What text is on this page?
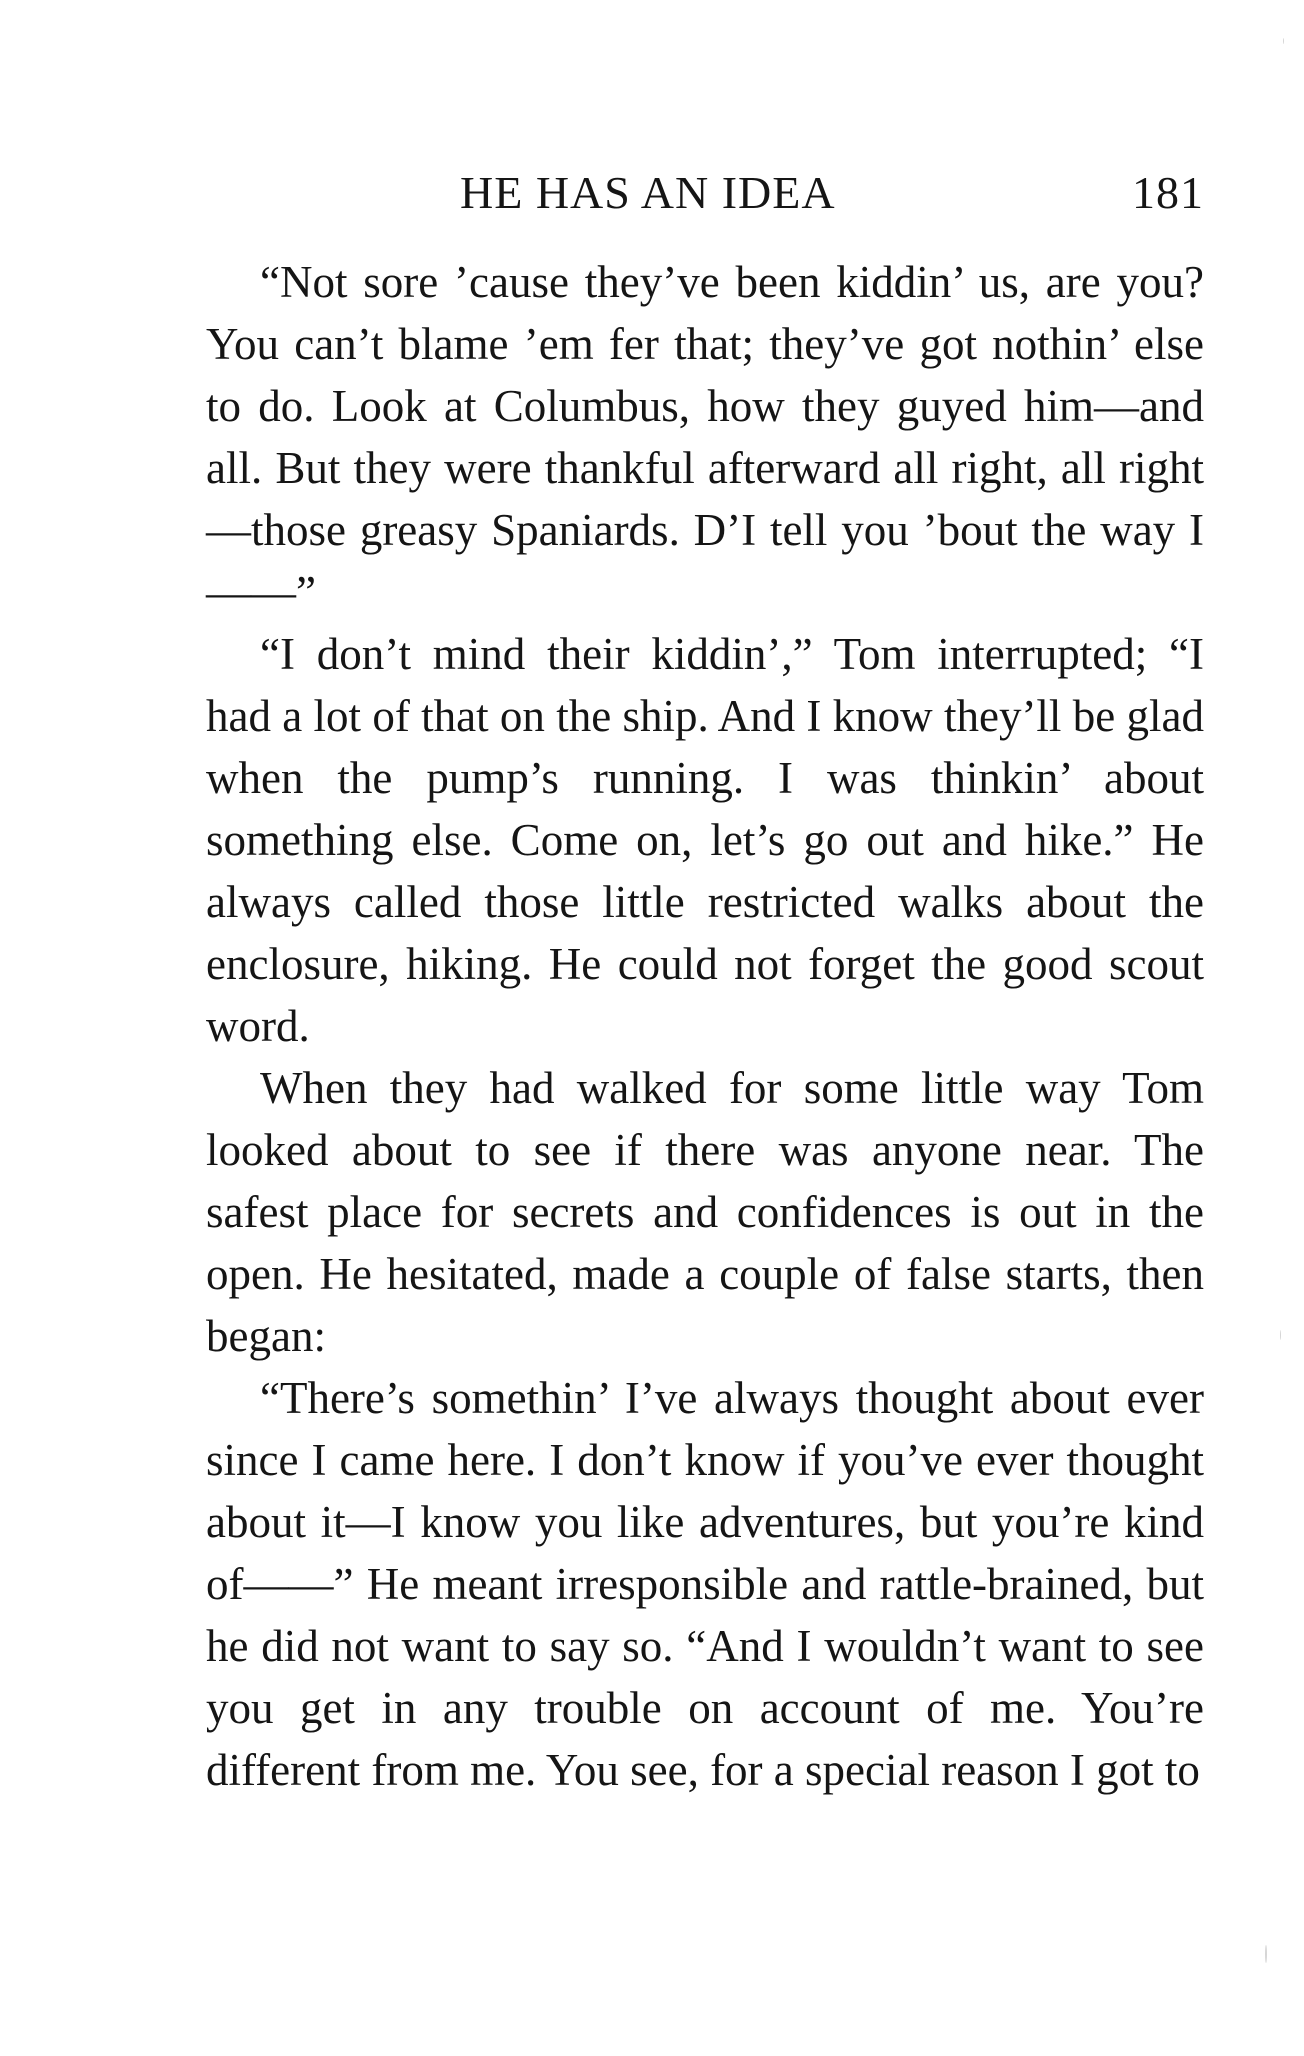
HE HAS AN IDEA	181

“Not sore ’cause they’ve been kiddin’ us, are you? You can’t blame ’em fer that; they’ve got nothin’ else to do. Look at Columbus, how they guyed him—and all. But they were thankful afterward all right, all right—those greasy Spaniards. D’I tell you ’bout the way I——”

“I don’t mind their kiddin’,” Tom interrupted; “I had a lot of that on the ship. And I know they’ll be glad when the pump’s running. I was thinkin’ about something else. Come on, let’s go out and hike.” He always called those little restricted walks about the enclosure, hiking. He could not forget the good scout word.

When they had walked for some little way Tom looked about to see if there was anyone near. The safest place for secrets and confidences is out in the open. He hesitated, made a couple of false starts, then began:

“There’s somethin’ I’ve always thought about ever since I came here. I don’t know if you’ve ever thought about it—I know you like adventures, but you’re kind of——” He meant irresponsible and rattle-brained, but he did not want to say so. “And I wouldn’t want to see you get in any trouble on account of me. You’re different from me. You see, for a special reason I got to
